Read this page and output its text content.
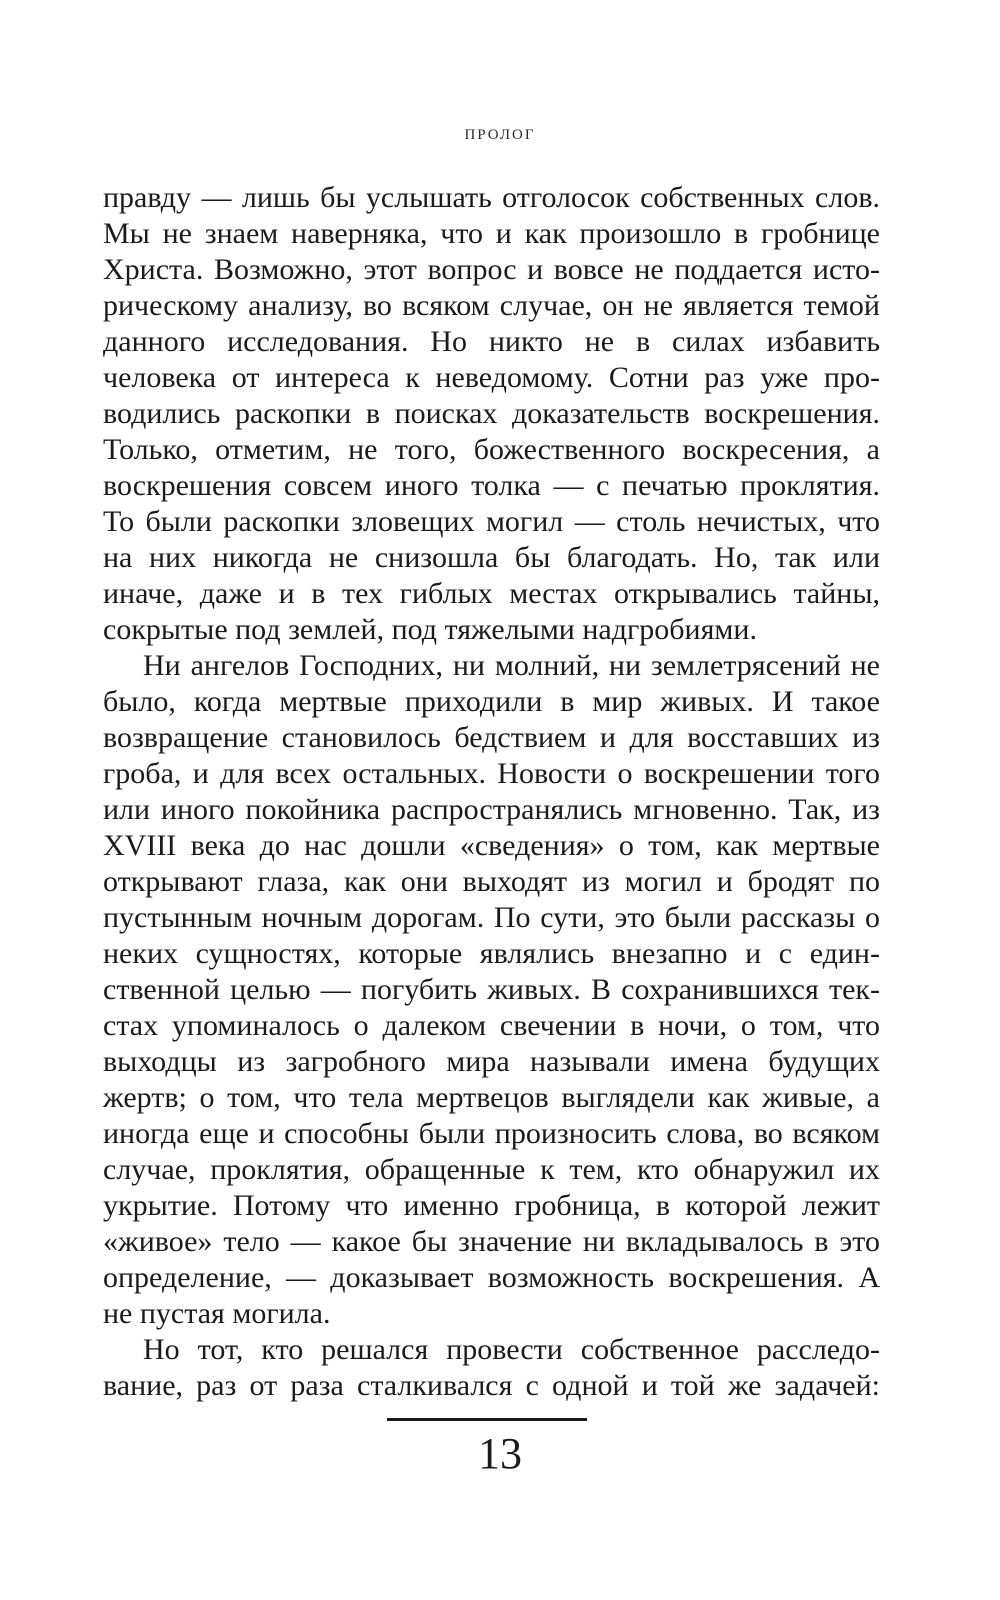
ПРОЛОГ

правду — лишь бы услышать отголосок собственных слов. Мы не знаем наверняка, что и как произошло в гробнице Христа. Возможно, этот вопрос и вовсе не поддается историческому анализу, во всяком случае, он не является темой данного исследования. Но никто не в силах избавить человека от интереса к неведомому. Сотни раз уже проводились раскопки в поисках доказательств воскрешения. Только, отметим, не того, божественного воскресения, а воскрешения совсем иного толка — с печатью проклятия. То были раскопки зловещих могил — столь нечистых, что на них никогда не снизошла бы благодать. Но, так или иначе, даже и в тех гиблых местах открывались тайны, сокрытые под землей, под тяжелыми надгробиями.

Ни ангелов Господних, ни молний, ни землетрясений не было, когда мертвые приходили в мир живых. И такое возвращение становилось бедствием и для восставших из гроба, и для всех остальных. Новости о воскрешении того или иного покойника распространялись мгновенно. Так, из XVIII века до нас дошли «сведения» о том, как мертвые открывают глаза, как они выходят из могил и бродят по пустынным ночным дорогам. По сути, это были рассказы о неких сущностях, которые являлись внезапно и с единственной целью — погубить живых. В сохранившихся текстах упоминалось о далеком свечении в ночи, о том, что выходцы из загробного мира называли имена будущих жертв; о том, что тела мертвецов выглядели как живые, а иногда еще и способны были произносить слова, во всяком случае, проклятия, обращенные к тем, кто обнаружил их укрытие. Потому что именно гробница, в которой лежит «живое» тело — какое бы значение ни вкладывалось в это определение, — доказывает возможность воскрешения. А не пустая могила.

Но тот, кто решался провести собственное расследование, раз от раза сталкивался с одной и той же задачей:

13
